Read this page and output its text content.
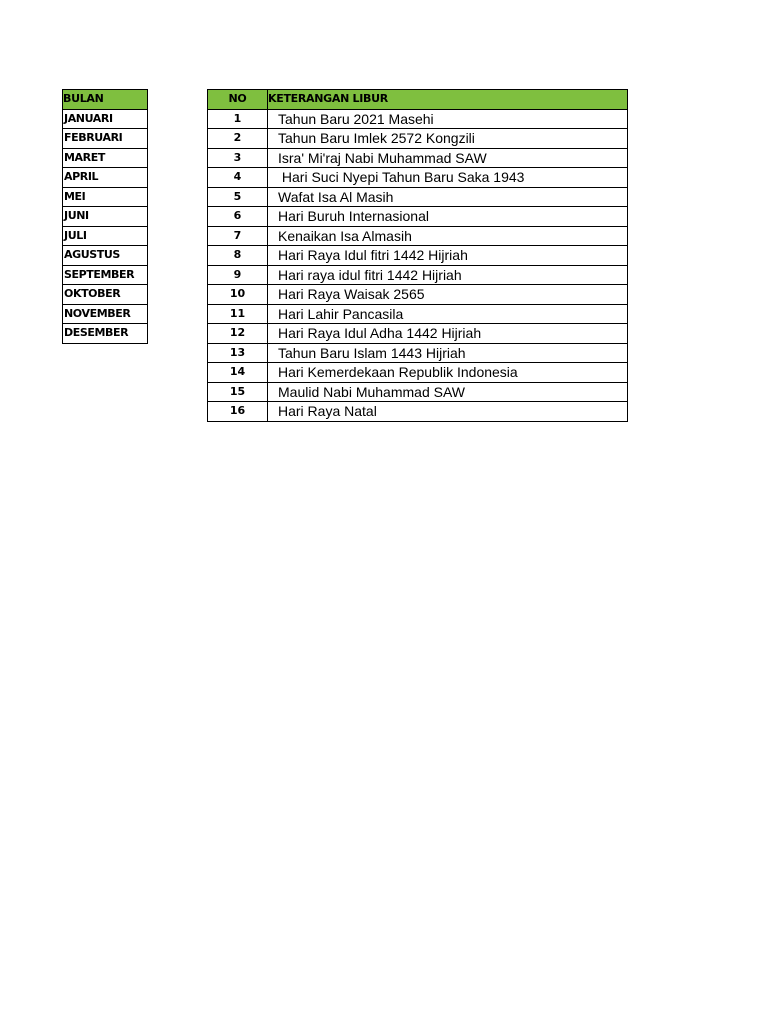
BULAN
JANUARI
FEBRUARI
MARET
APRIL
MEI
JUNI
JULI
AGUSTUS
SEPTEMBER
OKTOBER
NOVEMBER
DESEMBER
NO	KETERANGAN LIBUR
1	Tahun Baru 2021 Masehi
2	Tahun Baru Imlek 2572 Kongzili
3	Isra' Mi'raj Nabi Muhammad SAW
4	Hari Suci Nyepi Tahun Baru Saka 1943
5	Wafat Isa Al Masih
6	Hari Buruh Internasional
7	Kenaikan Isa Almasih
8	Hari Raya Idul fitri 1442 Hijriah
9	Hari raya idul fitri 1442 Hijriah
10	Hari Raya Waisak 2565
11	Hari Lahir Pancasila
12	Hari Raya Idul Adha 1442 Hijriah
13	Tahun Baru Islam 1443 Hijriah
14	Hari Kemerdekaan Republik Indonesia
15	Maulid Nabi Muhammad SAW
16	Hari Raya Natal
